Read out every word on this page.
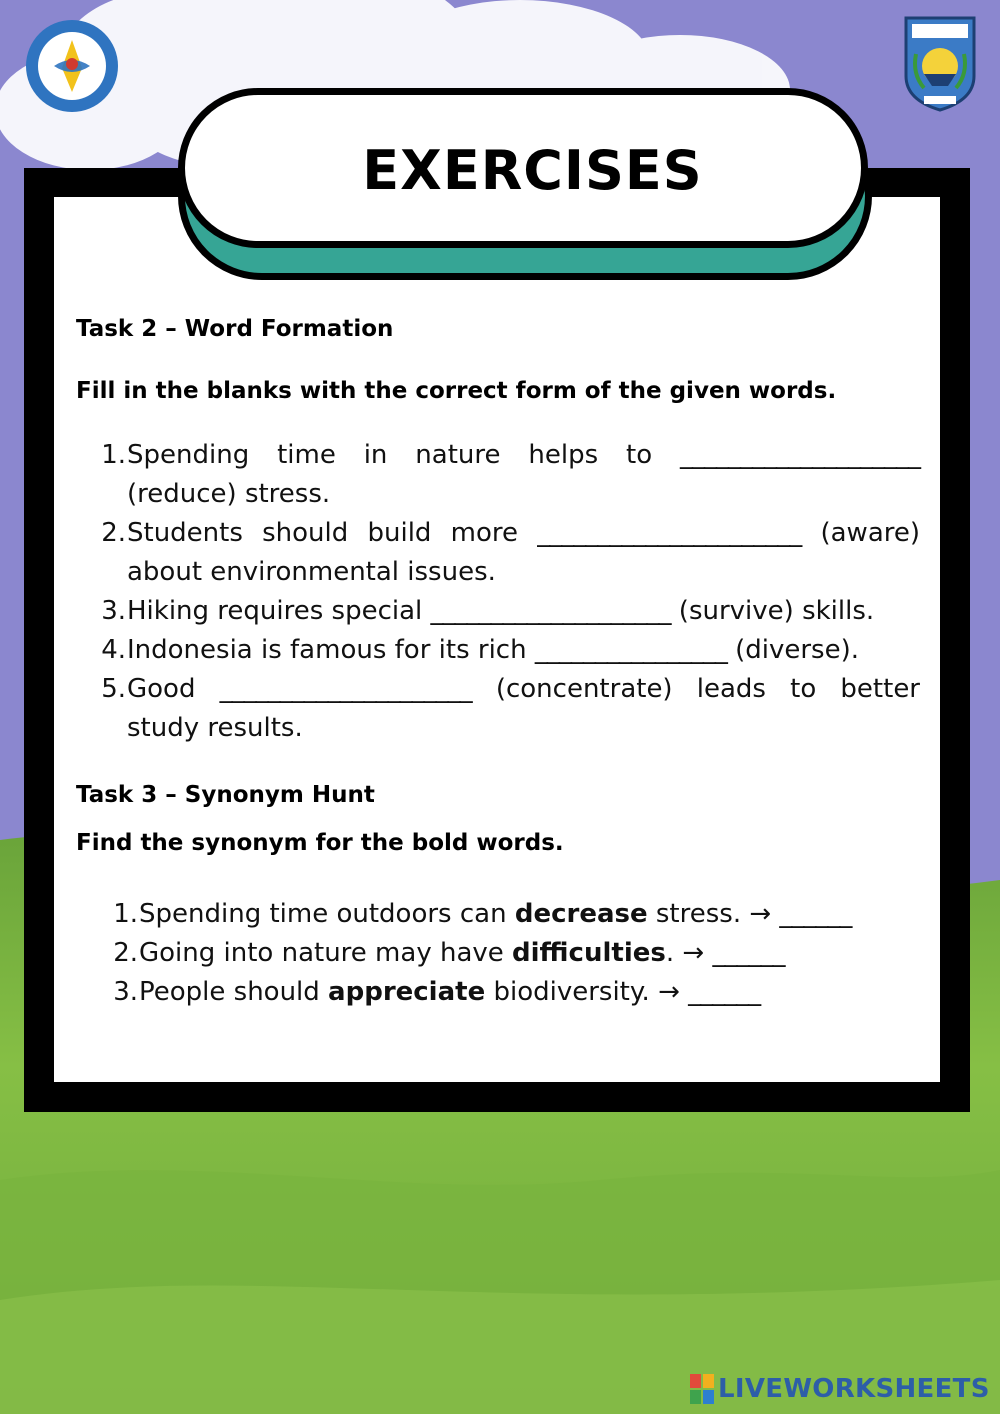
EXERCISES
Task 2 – Word Formation
Fill in the blanks with the correct form of the given words.
1. Spending time in nature helps to ____________________ (reduce) stress.
2. Students should build more ______________________ (aware) about environmental issues.
3. Hiking requires special ____________________ (survive) skills.
4. Indonesia is famous for its rich ________________ (diverse).
5. Good _____________________ (concentrate) leads to better study results.
Task 3 – Synonym Hunt
Find the synonym for the bold words.
1. Spending time outdoors can decrease stress. → ______
2. Going into nature may have difficulties. → ______
3. People should appreciate biodiversity. → ______
LIVEWORKSHEETS
